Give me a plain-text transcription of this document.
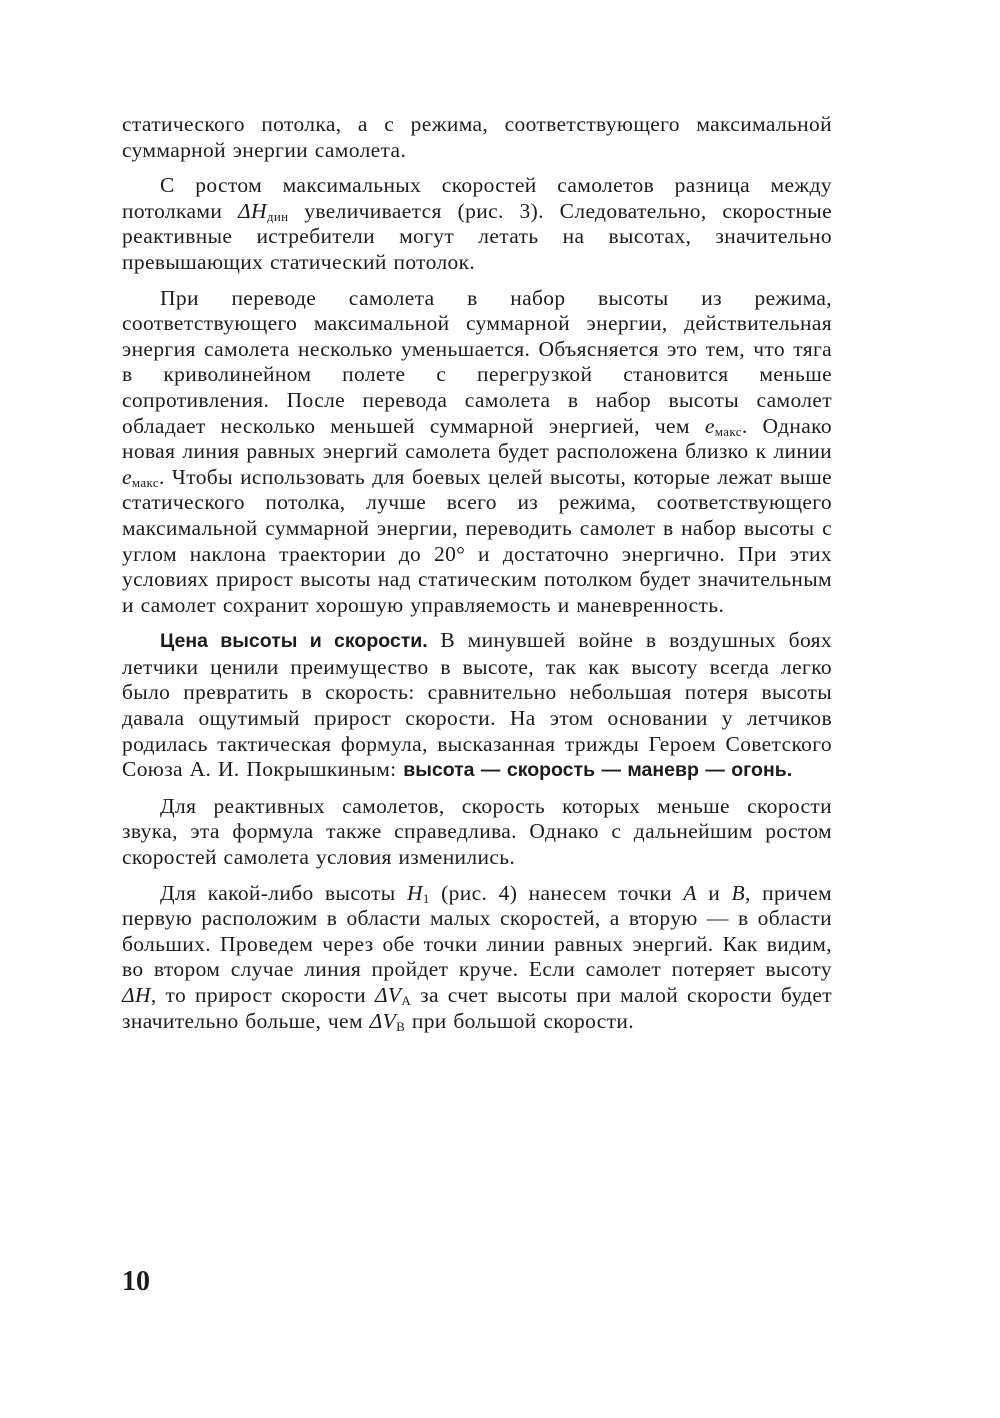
статического потолка, а с режима, соответствующего максимальной суммарной энергии самолета.

С ростом максимальных скоростей самолетов разница между потолками $\Delta H_{дин}$ увеличивается (рис. 3). Следовательно, скоростные реактивные истребители могут летать на высотах, значительно превышающих статический потолок.

При переводе самолета в набор высоты из режима, соответствующего максимальной суммарной энергии, действительная энергия самолета несколько уменьшается. Объясняется это тем, что тяга в криволинейном полете с перегрузкой становится меньше сопротивления. После перевода самолета в набор высоты самолет обладает несколько меньшей суммарной энергией, чем $e_{макс}$. Однако новая линия равных энергий самолета будет расположена близко к линии $e_{макс}$. Чтобы использовать для боевых целей высоты, которые лежат выше статического потолка, лучше всего из режима, соответствующего максимальной суммарной энергии, переводить самолет в набор высоты с углом наклона траектории до 20° и достаточно энергично. При этих условиях прирост высоты над статическим потолком будет значительным и самолет сохранит хорошую управляемость и маневренность.

Цена высоты и скорости. В минувшей войне в воздушных боях летчики ценили преимущество в высоте, так как высоту всегда легко было превратить в скорость: сравнительно небольшая потеря высоты давала ощутимый прирост скорости. На этом основании у летчиков родилась тактическая формула, высказанная трижды Героем Советского Союза А. И. Покрышкиным: высота — скорость — маневр — огонь.

Для реактивных самолетов, скорость которых меньше скорости звука, эта формула также справедлива. Однако с дальнейшим ростом скоростей самолета условия изменились.

Для какой-либо высоты $H_1$ (рис. 4) нанесем точки A и B, причем первую расположим в области малых скоростей, а вторую — в области больших. Проведем через обе точки линии равных энергий. Как видим, во втором случае линия пройдет круче. Если самолет потеряет высоту ΔH, то прирост скорости $\Delta V_A$ за счет высоты при малой скорости будет значительно больше, чем $\Delta V_B$ при большой скорости.

10
